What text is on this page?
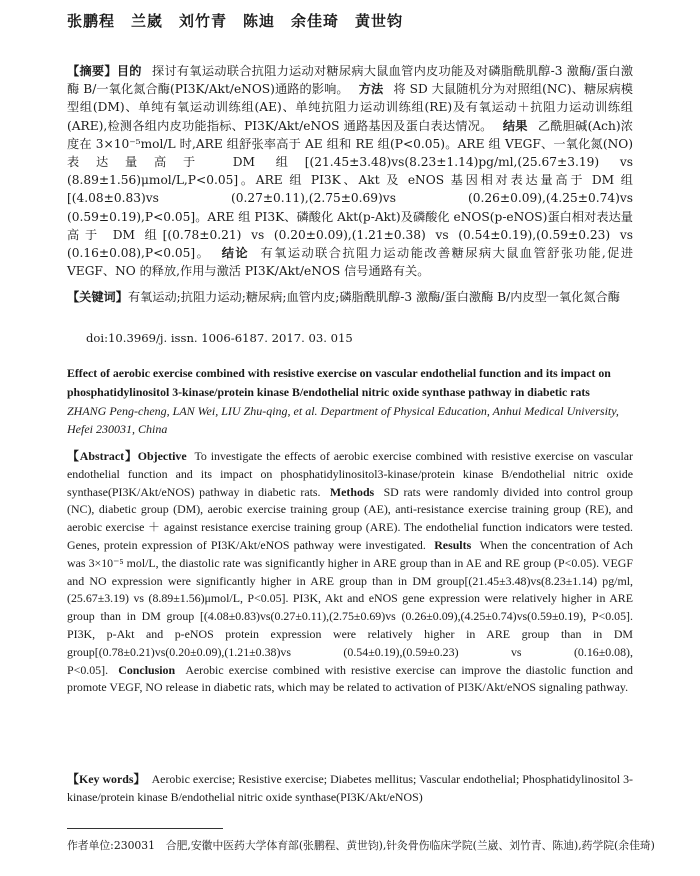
张鹏程　兰崴　刘竹青　陈迪　余佳琦　黄世钧
【摘要】目的 探讨有氧运动联合抗阻力运动对糖尿病大鼠血管内皮功能及对磷脂酰肌醇-3 激酶/蛋白激酶 B/一氧化氮合酶(PI3K/Akt/eNOS)通路的影响。 方法 将 SD 大鼠随机分为对照组(NC)、糖尿病模型组(DM)、单纯有氧运动训练组(AE)、单纯抗阻力运动训练组(RE)及有氧运动＋抗阻力运动训练组(ARE),检测各组内皮功能指标、PI3K/Akt/eNOS 通路基因及蛋白表达情况。 结果 乙酰胆碱(Ach)浓度在 3×10⁻⁵mol/L 时,ARE 组舒张率高于 AE 组和 RE 组(P<0.05)。ARE 组 VEGF、一氧化氮(NO)表达量高于 DM 组[(21.45±3.48)vs(8.23±1.14)pg/ml,(25.67±3.19) vs (8.89±1.56)μmol/L,P<0.05]。ARE 组 PI3K、Akt 及 eNOS 基因相对表达量高于 DM 组[(4.08±0.83)vs (0.27±0.11),(2.75±0.69)vs (0.26±0.09),(4.25±0.74)vs (0.59±0.19),P<0.05]。ARE 组 PI3K、磷酸化 Akt(p-Akt)及磷酸化 eNOS(p-eNOS)蛋白相对表达量高于 DM 组[(0.78±0.21) vs (0.20±0.09),(1.21±0.38) vs (0.54±0.19),(0.59±0.23) vs (0.16±0.08),P<0.05]。 结论 有氧运动联合抗阻力运动能改善糖尿病大鼠血管舒张功能,促进 VEGF、NO 的释放,作用与激活 PI3K/Akt/eNOS 信号通路有关。
【关键词】有氧运动;抗阻力运动;糖尿病;血管内皮;磷脂酰肌醇-3 激酶/蛋白激酶 B/内皮型一氧化氮合酶
doi:10.3969/j. issn. 1006-6187. 2017. 03. 015
Effect of aerobic exercise combined with resistive exercise on vascular endothelial function and its impact on phosphatidylinositol 3-kinase/protein kinase B/endothelial nitric oxide synthase pathway in diabetic rats
ZHANG Peng-cheng, LAN Wei, LIU Zhu-qing, et al. Department of Physical Education, Anhui Medical University, Hefei 230031, China
【Abstract】Objective To investigate the effects of aerobic exercise combined with resistive exercise on vascular endothelial function and its impact on phosphatidylinositol3-kinase/protein kinase B/endothelial nitric oxide synthase(PI3K/Akt/eNOS) pathway in diabetic rats. Methods SD rats were randomly divided into control group (NC), diabetic group (DM), aerobic exercise training group (AE), anti-resistance exercise training group (RE), and aerobic exercise ＋ against resistance exercise training group (ARE). The endothelial function indicators were tested. Genes, protein expression of PI3K/Akt/eNOS pathway were investigated. Results When the concentration of Ach was 3×10⁻⁵ mol/L, the diastolic rate was significantly higher in ARE group than in AE and RE group (P<0.05). VEGF and NO expression were significantly higher in ARE group than in DM group[(21.45±3.48)vs(8.23±1.14) pg/ml,(25.67±3.19) vs (8.89±1.56)μmol/L, P<0.05]. PI3K, Akt and eNOS gene expression were relatively higher in ARE group than in DM group [(4.08±0.83)vs(0.27±0.11),(2.75±0.69)vs (0.26±0.09),(4.25±0.74)vs(0.59±0.19), P<0.05]. PI3K, p-Akt and p-eNOS protein expression were relatively higher in ARE group than in DM group[(0.78±0.21)vs(0.20±0.09),(1.21±0.38)vs (0.54±0.19),(0.59±0.23) vs (0.16±0.08), P<0.05]. Conclusion Aerobic exercise combined with resistive exercise can improve the diastolic function and promote VEGF, NO release in diabetic rats, which may be related to activation of PI3K/Akt/eNOS signaling pathway.
【Key words】 Aerobic exercise; Resistive exercise; Diabetes mellitus; Vascular endothelial; Phosphatidylinositol 3-kinase/protein kinase B/endothelial nitric oxide synthase(PI3K/Akt/eNOS)
作者单位:230031　合肥,安徽中医药大学体育部(张鹏程、黄世钧),针灸骨伤临床学院(兰崴、刘竹青、陈迪),药学院(余佳琦)
